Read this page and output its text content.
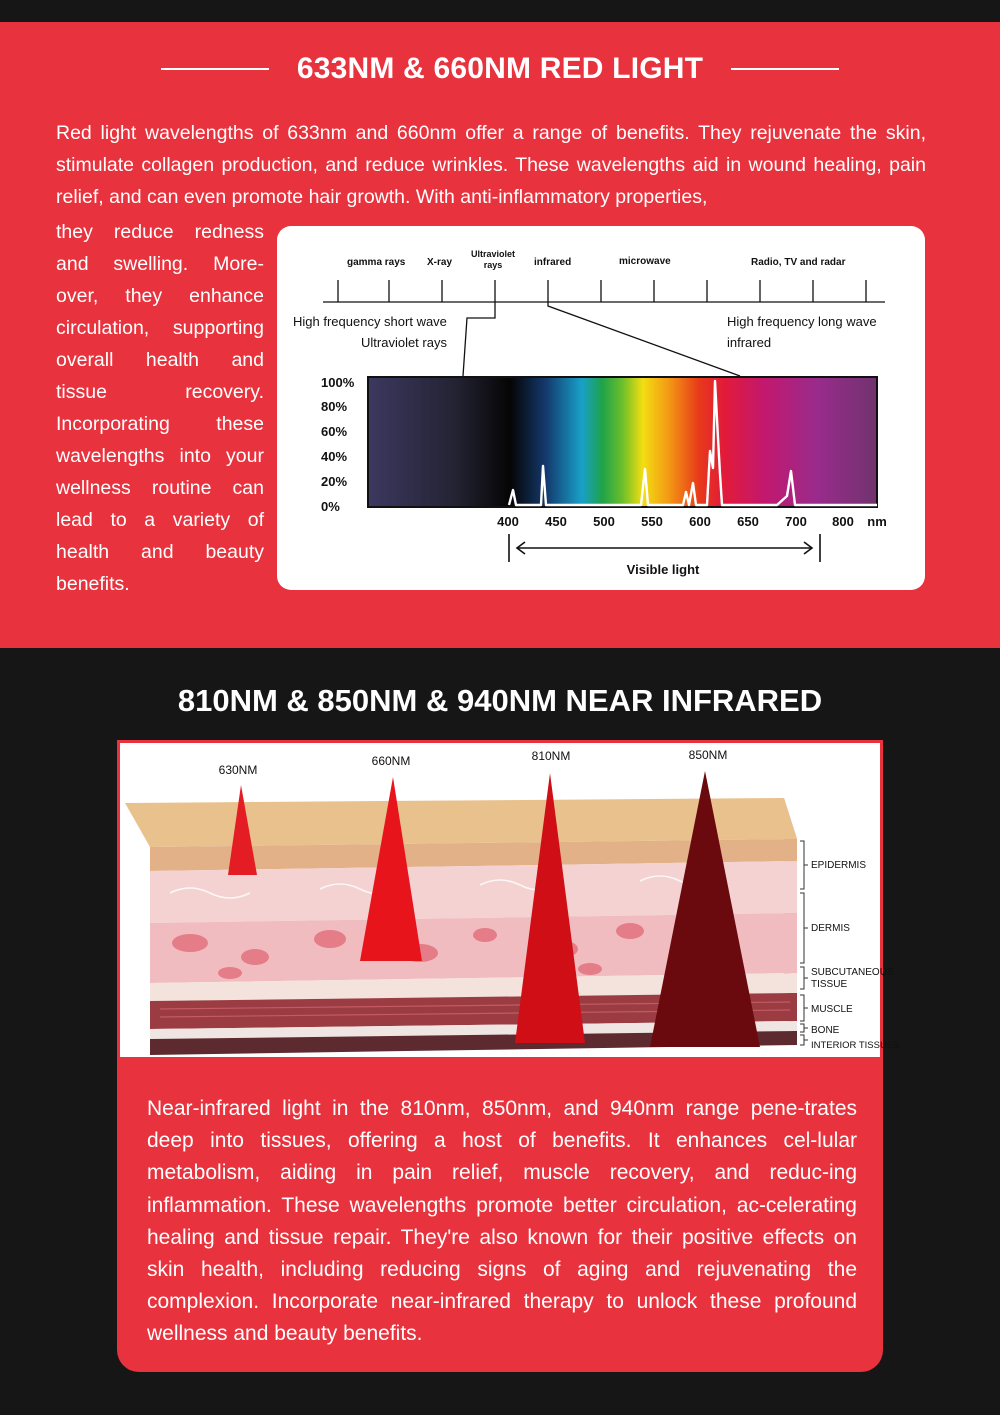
633NM & 660NM RED LIGHT

Red light wavelengths of 633nm and 660nm offer a range of benefits. They rejuvenate the skin, stimulate collagen production, and reduce wrinkles. These wavelengths aid in wound healing, pain relief, and can even promote hair growth. With anti-inflammatory properties,

they reduce redness and swelling. More-over, they enhance circulation, supporting overall health and tissue recovery. Incorporating these wavelengths into your wellness routine can lead to a variety of health and beauty benefits.

gamma rays X-ray
Ultraviolet
rays	infrared	microwave	Radio, TV and radar
High frequency short wave
Ultraviolet rays
High frequency long wave
infrared
100%
80%
60%
40%
20%
0%
400 450 500 550 600 650 700 800 nm
Visible light
810NM & 850NM & 940NM NEAR INFRARED
630NM
660NM	810NM	850NM
EPIDERMIS
DERMIS
SUBCUTANEOUS
TISSUE
MUSCLE
BONE
INTERIOR TISSUES

Near-infrared light in the 810nm, 850nm, and 940nm range pene-trates deep into tissues, offering a host of benefits. It enhances cel-lular metabolism, aiding in pain relief, muscle recovery, and reduc-ing inflammation. These wavelengths promote better circulation, ac-celerating healing and tissue repair. They're also known for their positive effects on skin health, including reducing signs of aging and rejuvenating the complexion. Incorporate near-infrared therapy to unlock these profound wellness and beauty benefits.
